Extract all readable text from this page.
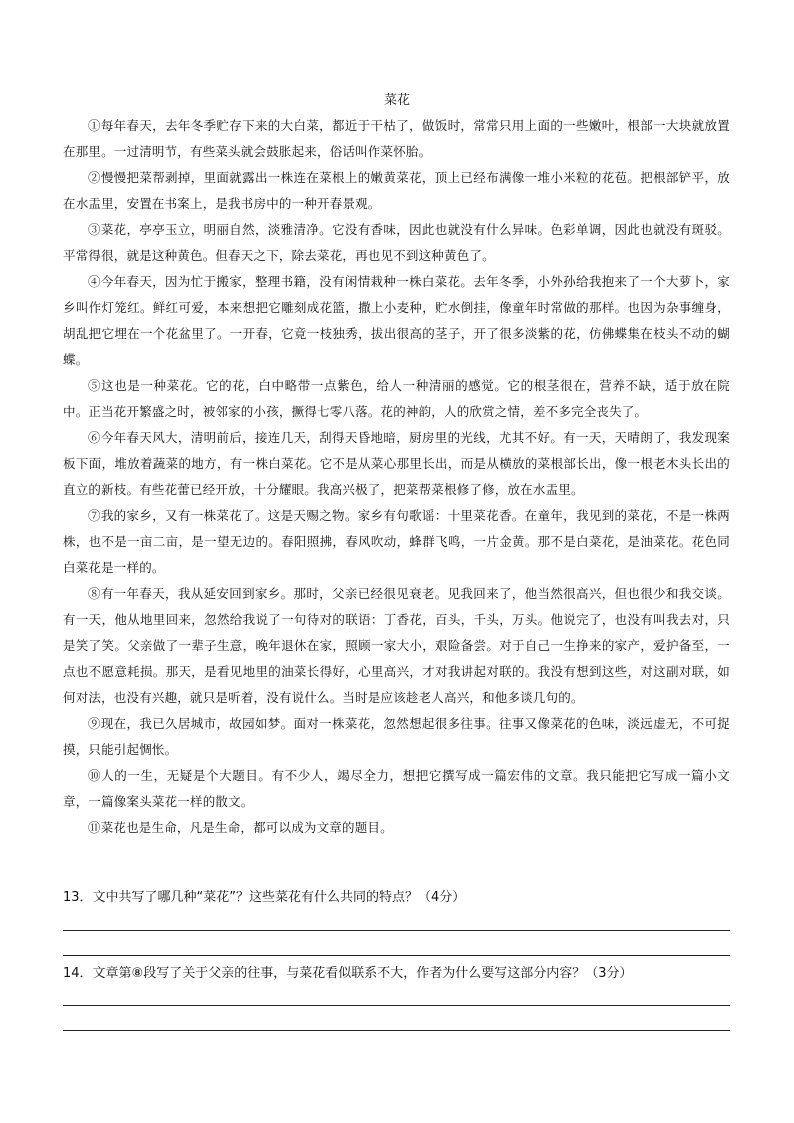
菜花

①每年春天，去年冬季贮存下来的大白菜，都近于干枯了，做饭时，常常只用上面的一些嫩叶，根部一大块就放置在那里。一过清明节，有些菜头就会鼓胀起来，俗话叫作菜怀胎。

②慢慢把菜帮剥掉，里面就露出一株连在菜根上的嫩黄菜花，顶上已经布满像一堆小米粒的花苞。把根部铲平，放在水盂里，安置在书案上，是我书房中的一种开春景观。

③菜花，亭亭玉立，明丽自然，淡雅清净。它没有香味，因此也就没有什么异味。色彩单调，因此也就没有斑驳。平常得很，就是这种黄色。但春天之下，除去菜花，再也见不到这种黄色了。

④今年春天，因为忙于搬家，整理书籍，没有闲情栽种一株白菜花。去年冬季，小外孙给我抱来了一个大萝卜，家乡叫作灯笼红。鲜红可爱，本来想把它雕刻成花篮，撒上小麦种，贮水倒挂，像童年时常做的那样。也因为杂事缠身，胡乱把它埋在一个花盆里了。一开春，它竟一枝独秀，拔出很高的茎子，开了很多淡紫的花，仿佛蝶集在枝头不动的蝴蝶。

⑤这也是一种菜花。它的花，白中略带一点紫色，给人一种清丽的感觉。它的根茎很在，营养不缺，适于放在院中。正当花开繁盛之时，被邻家的小孩，撅得七零八落。花的神韵，人的欣赏之情，差不多完全丧失了。

⑥今年春天风大，清明前后，接连几天，刮得天昏地暗，厨房里的光线，尤其不好。有一天，天晴朗了，我发现案板下面，堆放着蔬菜的地方，有一株白菜花。它不是从菜心那里长出，而是从横放的菜根部长出，像一根老木头长出的直立的新枝。有些花蕾已经开放，十分耀眼。我高兴极了，把菜帮菜根修了修，放在水盂里。

⑦我的家乡，又有一株菜花了。这是天赐之物。家乡有句歌谣：十里菜花香。在童年，我见到的菜花，不是一株两株，也不是一亩二亩，是一望无边的。春阳照拂，春风吹动，蜂群飞鸣，一片金黄。那不是白菜花，是油菜花。花色同白菜花是一样的。

⑧有一年春天，我从延安回到家乡。那时，父亲已经很见衰老。见我回来了，他当然很高兴，但也很少和我交谈。有一天，他从地里回来，忽然给我说了一句待对的联语：丁香花，百头，千头，万头。他说完了，也没有叫我去对，只是笑了笑。父亲做了一辈子生意，晚年退休在家，照顾一家大小，艰险备尝。对于自己一生挣来的家产，爱护备至，一点也不愿意耗损。那天，是看见地里的油菜长得好，心里高兴，才对我讲起对联的。我没有想到这些，对这副对联，如何对法，也没有兴趣，就只是听着，没有说什么。当时是应该趁老人高兴，和他多谈几句的。

⑨现在，我已久居城市，故园如梦。面对一株菜花，忽然想起很多往事。往事又像菜花的色味，淡远虚无，不可捉摸，只能引起惆怅。

⑩人的一生，无疑是个大题目。有不少人，竭尽全力，想把它撰写成一篇宏伟的文章。我只能把它写成一篇小文章，一篇像案头菜花一样的散文。

⑪菜花也是生命，凡是生命，都可以成为文章的题目。

13．文中共写了哪几种“菜花”？这些菜花有什么共同的特点？（4分）
14．文章第⑧段写了关于父亲的往事，与菜花看似联系不大，作者为什么要写这部分内容？（3分）
